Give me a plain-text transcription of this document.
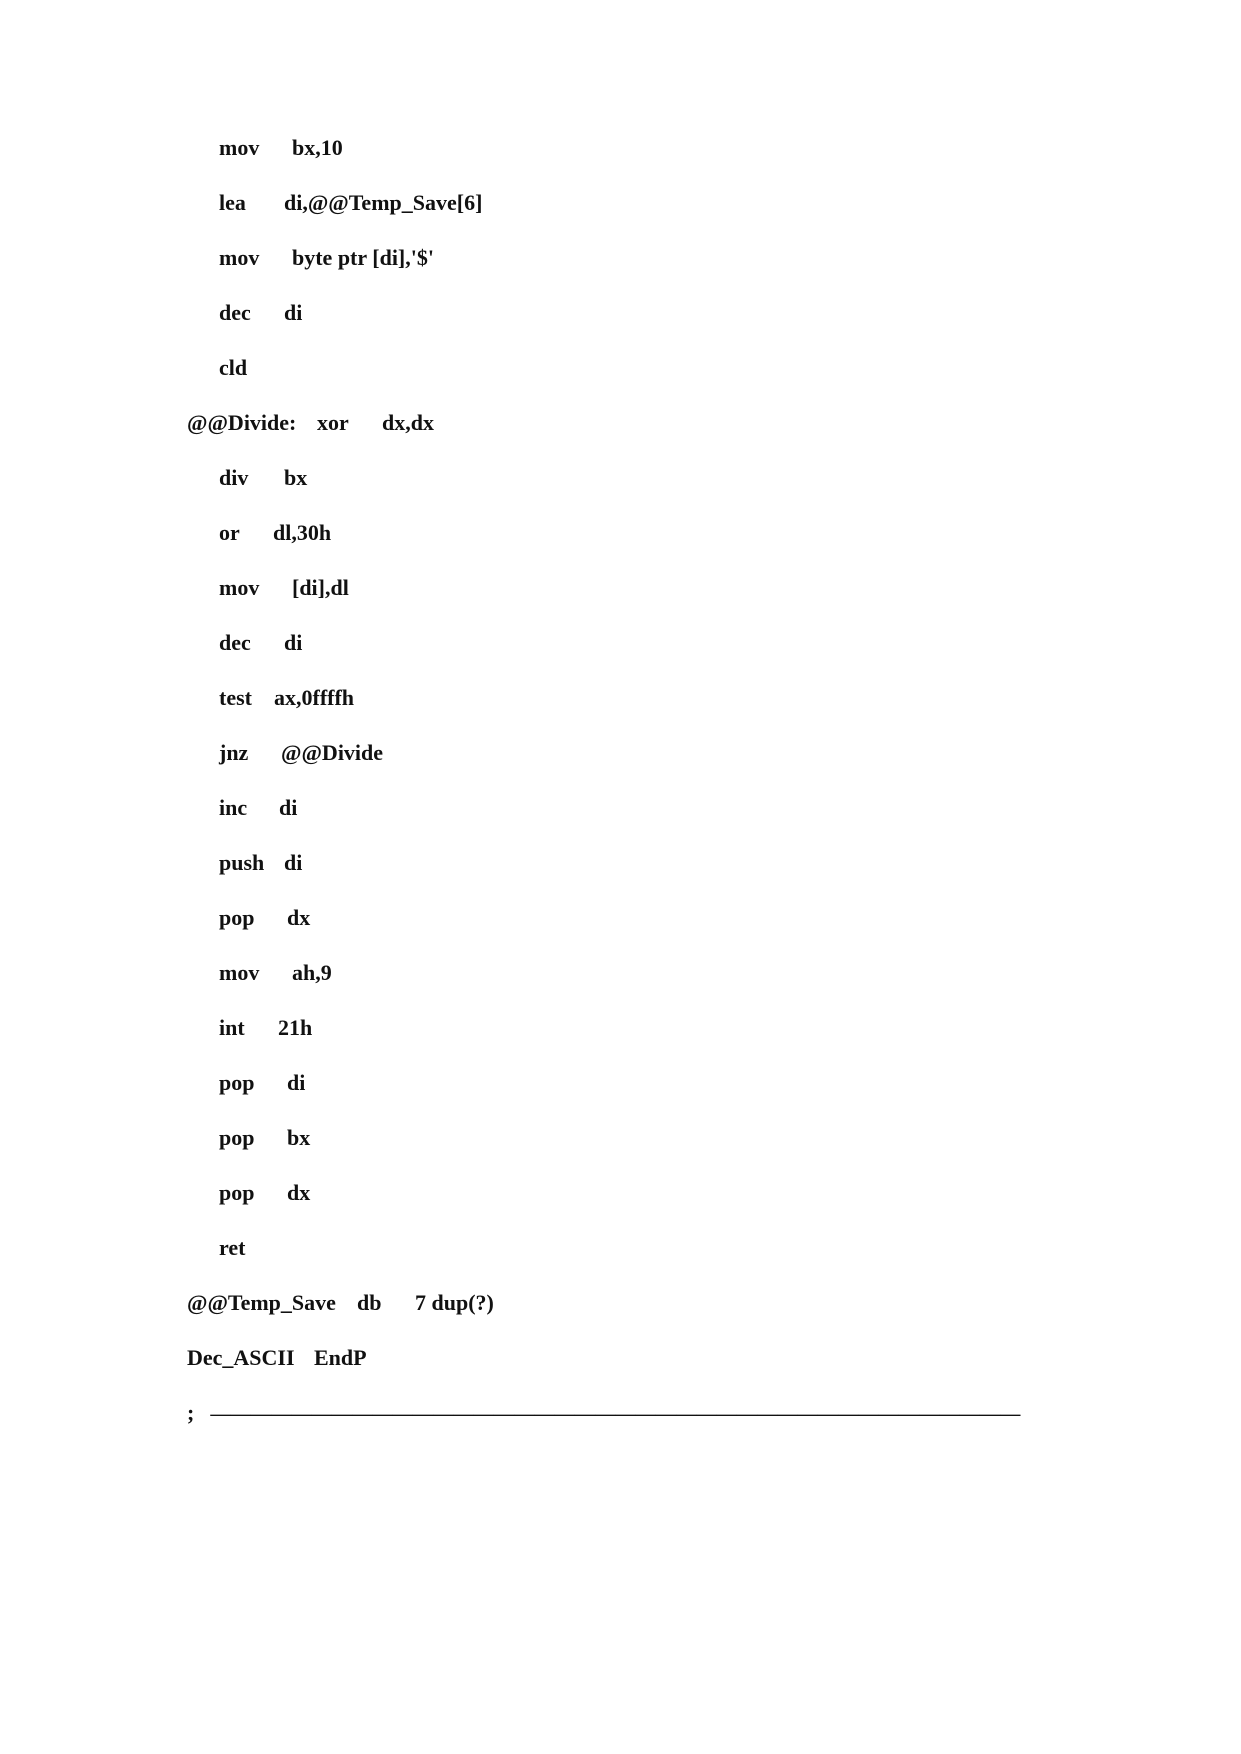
mov bx,10
lea di,@@Temp_Save[6]
mov byte ptr [di],'$'
dec di
cld
@@Divide: xor dx,dx
div bx
or dl,30h
mov [di],dl
dec di
test ax,0ffffh
jnz @@Divide
inc di
push di
pop dx
mov ah,9
int 21h
pop di
pop bx
pop dx
ret
@@Temp_Save db 7 dup(?)
Dec_ASCII EndP
; ————————————————————————————————————————
